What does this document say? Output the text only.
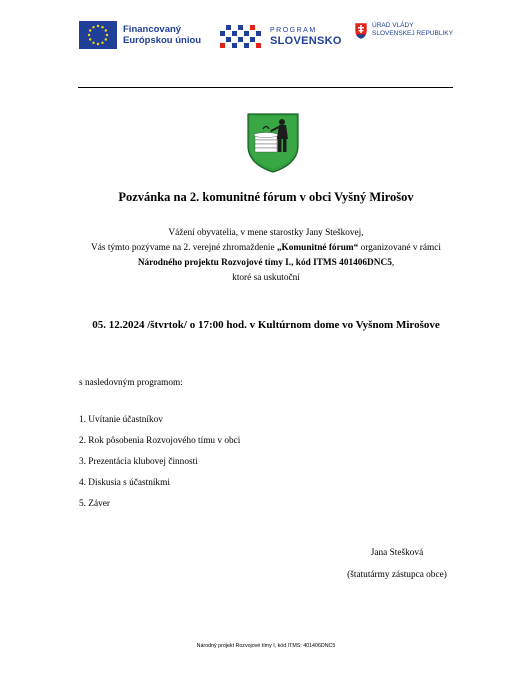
Financovaný
Európskou úniou
PROGRAM
SLOVENSKO
ÚRAD VLÁDY
SLOVENSKEJ REPUBLIKY
Pozvánka na 2. komunitné fórum v obci Vyšný Mirošov
Vážení obyvatelia, v mene starostky Jany Steškovej,
Vás týmto pozývame na 2. verejné zhromaždenie „Komunitné fórum“ organizované v rámci
Národného projektu Rozvojové tímy I., kód ITMS 401406DNC5,
ktoré sa uskutoční
05. 12.2024 /štvrtok/ o 17:00 hod. v Kultúrnom dome vo Vyšnom Mirošove
s nasledovným programom:
1. Uvítanie účastníkov
2. Rok pôsobenia Rozvojového tímu v obci
3. Prezentácia klubovej činnosti
4. Diskusia s účastníkmi
5. Záver
Jana Stešková
(štatutármy zástupca obce)
Národný projekt Rozvojové tímy I, kód ITMS: 401406DNC5
